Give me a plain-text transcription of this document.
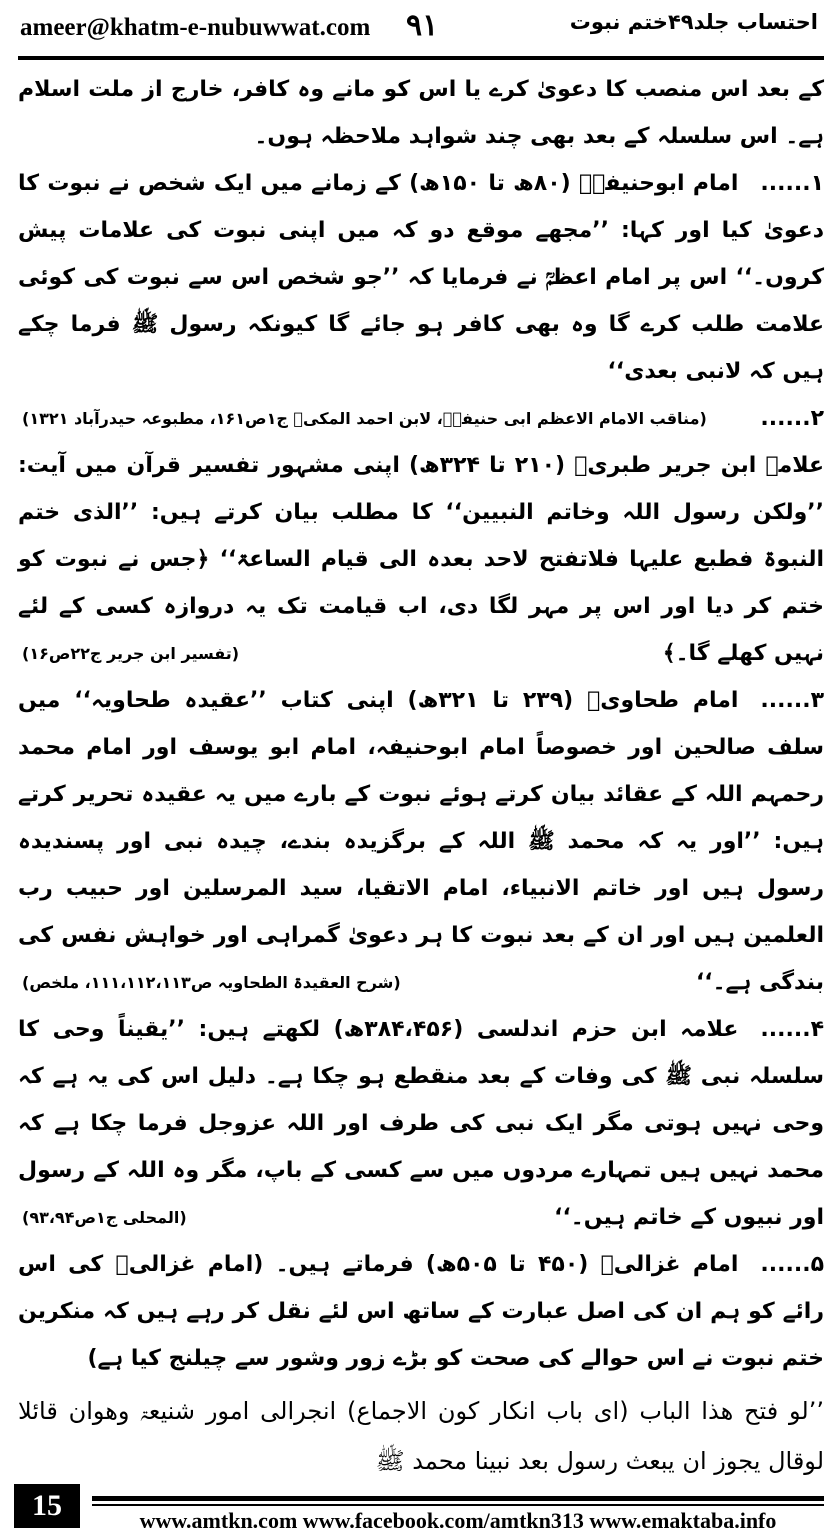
ameer@khatm-e-nubuwwat.com ۹۱	احتساب جلد۴۹ختم نبوت

کے بعد اس منصب کا دعویٰ کرے یا اس کو مانے وہ کافر، خارج از ملت اسلام ہے۔ اس سلسلہ کے بعد بھی چند شواہد ملاحظہ ہوں۔

۱......امام ابوحنیفہؒ (۸۰ھ تا ۱۵۰ھ) کے زمانے میں ایک شخص نے نبوت کا دعویٰ کیا اور کہا: ’’مجھے موقع دو کہ میں اپنی نبوت کی علامات پیش کروں۔‘‘ اس پر امام اعظمؒ نے فرمایا کہ ’’جو شخص اس سے نبوت کی کوئی علامت طلب کرے گا وہ بھی کافر ہو جائے گا کیونکہ رسول ﷺ فرما چکے ہیں کہ لانبی بعدی‘‘
(مناقب الامام الاعظم ابی حنیفہؒ، لابن احمد المکیؒ ج۱ص۱۶۱، مطبوعہ حیدرآباد ۱۳۲۱)	۲......علامہ ابن جریر طبریؒ (۲۱۰ تا ۳۲۴ھ) اپنی مشہور تفسیر قرآن میں آیت: ’’ولکن رسول اللہ وخاتم النبیین‘‘ کا مطلب بیان کرتے ہیں: ’’الذی ختم النبوۃ فطبع علیہا فلاتفتح لاحد بعدہ الی قیام الساعۃ‘‘ ﴿جس نے نبوت کو ختم کر دیا اور اس پر مہر لگا دی، اب قیامت تک یہ دروازہ کسی کے لئے نہیں کھلے گا۔﴾
(تفسیر ابن جریر ج۲۲ص۱۶)

۳......امام طحاویؒ (۲۳۹ تا ۳۲۱ھ) اپنی کتاب ’’عقیدہ طحاویہ‘‘ میں سلف صالحین اور خصوصاً امام ابوحنیفہ، امام ابو یوسف اور امام محمد رحمہم اللہ کے عقائد بیان کرتے ہوئے نبوت کے بارے میں یہ عقیدہ تحریر کرتے ہیں: ’’اور یہ کہ محمد ﷺ اللہ کے برگزیدہ بندے، چیدہ نبی اور پسندیدہ رسول ہیں اور خاتم الانبیاء، امام الاتقیا، سید المرسلین اور حبیب رب العلمین ہیں اور ان کے بعد نبوت کا ہر دعویٰ گمراہی اور خواہش نفس کی بندگی ہے۔‘‘
(شرح العقیدۃ الطحاویہ ص۱۱۱،۱۱۲،۱۱۳، ملخص)

۴......علامہ ابن حزم اندلسی (۳۸۴،۴۵۶ھ) لکھتے ہیں: ’’یقیناً وحی کا سلسلہ نبی ﷺ کی وفات کے بعد منقطع ہو چکا ہے۔ دلیل اس کی یہ ہے کہ وحی نہیں ہوتی مگر ایک نبی کی طرف اور اللہ عزوجل فرما چکا ہے کہ محمد نہیں ہیں تمہارے مردوں میں سے کسی کے باپ، مگر وہ اللہ کے رسول اور نبیوں کے خاتم ہیں۔‘‘
(المحلی ج۱ص۹۳،۹۴)

۵......امام غزالیؒ (۴۵۰ تا ۵۰۵ھ) فرماتے ہیں۔ (امام غزالیؒ کی اس رائے کو ہم ان کی اصل عبارت کے ساتھ اس لئے نقل کر رہے ہیں کہ منکرین ختم نبوت نے اس حوالے کی صحت کو بڑے زور وشور سے چیلنج کیا ہے)

’’لو فتح ھذا الباب (ای باب انکار کون الاجماع) انجرالی امور شنیعۃ وھوان قائلا لوقال یجوز ان یبعث رسول بعد نبینا محمد ﷺ

15	www.amtkn.com www.facebook.com/amtkn313 www.emaktaba.info
